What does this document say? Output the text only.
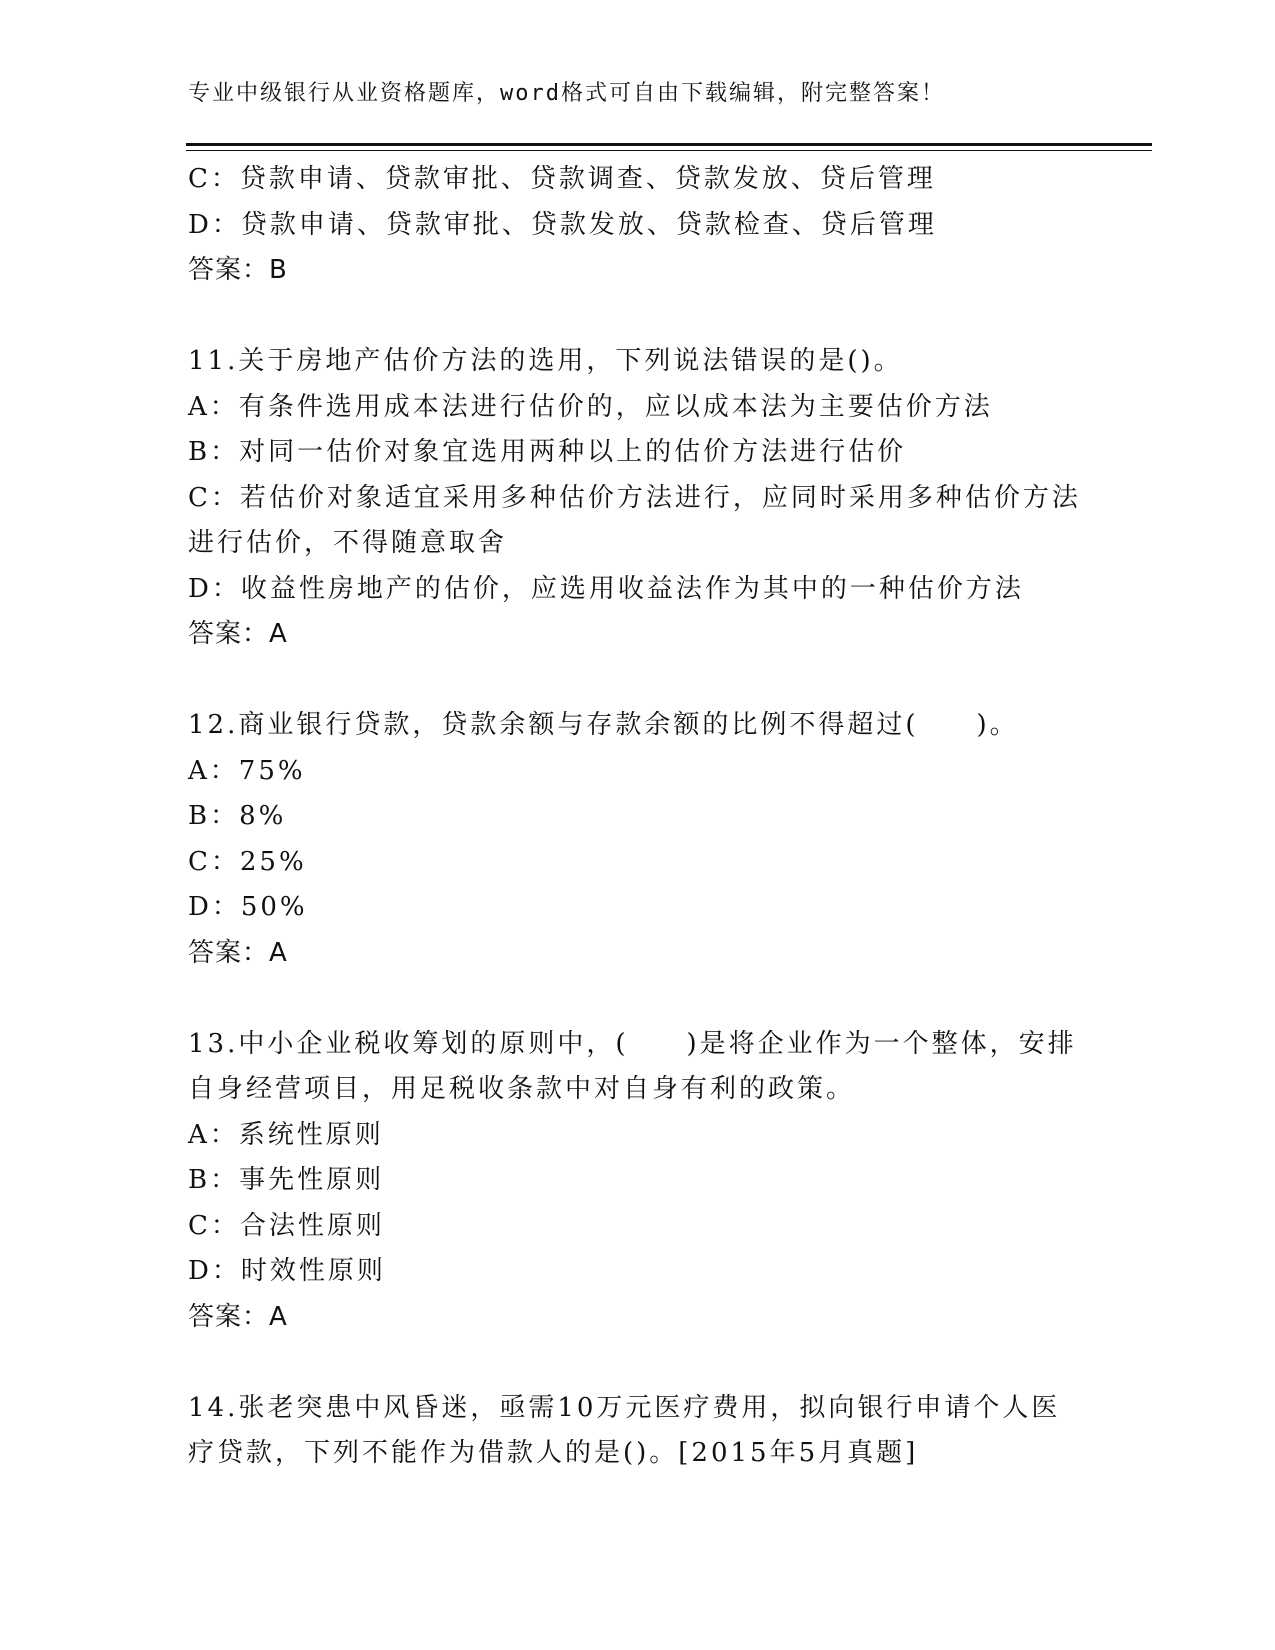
专业中级银行从业资格题库，word格式可自由下载编辑，附完整答案！
C：贷款申请、贷款审批、贷款调查、贷款发放、贷后管理
D：贷款申请、贷款审批、贷款发放、贷款检查、贷后管理
答案：B
11.关于房地产估价方法的选用，下列说法错误的是()。
A：有条件选用成本法进行估价的，应以成本法为主要估价方法
B：对同一估价对象宜选用两种以上的估价方法进行估价
C：若估价对象适宜采用多种估价方法进行，应同时采用多种估价方法
进行估价，不得随意取舍
D：收益性房地产的估价，应选用收益法作为其中的一种估价方法
答案：A
12.商业银行贷款，贷款余额与存款余额的比例不得超过(　　)。
A：75%
B：8%
C：25%
D：50%
答案：A
13.中小企业税收筹划的原则中，(　　)是将企业作为一个整体，安排
自身经营项目，用足税收条款中对自身有利的政策。
A：系统性原则
B：事先性原则
C：合法性原则
D：时效性原则
答案：A
14.张老突患中风昏迷，亟需10万元医疗费用，拟向银行申请个人医
疗贷款，下列不能作为借款人的是()。[2015年5月真题]
